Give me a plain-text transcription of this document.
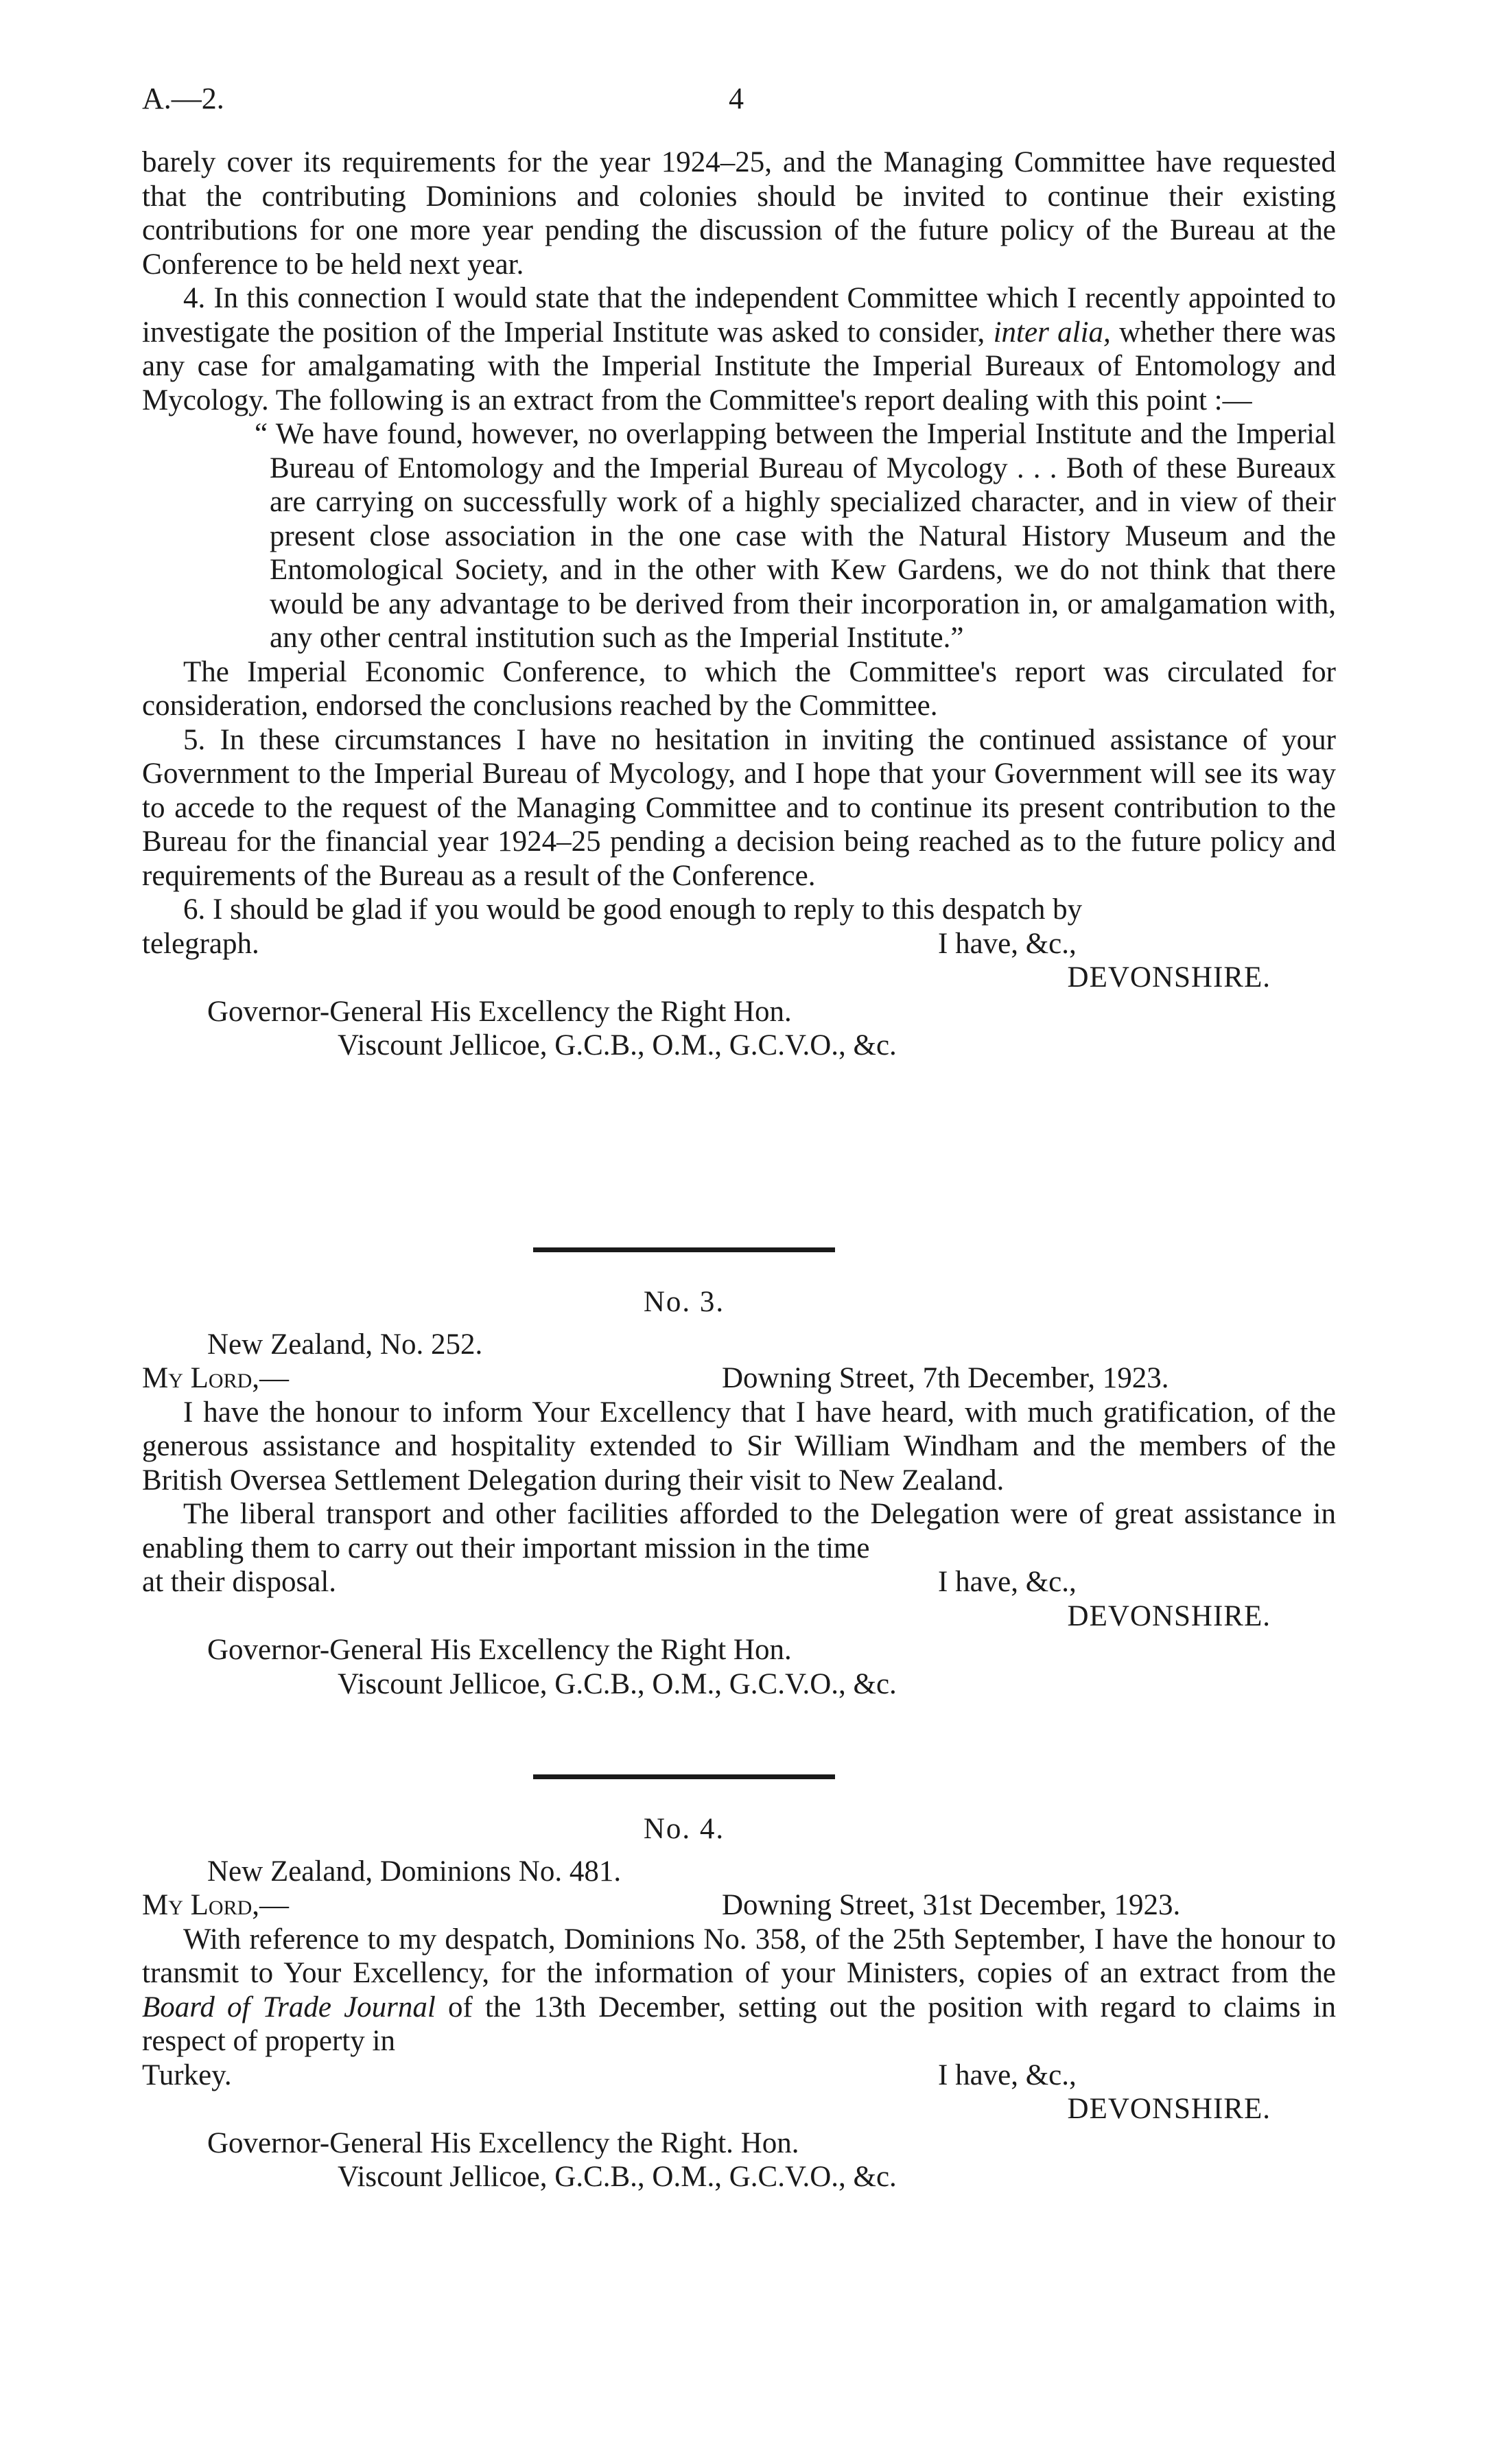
A.—2.	4

barely cover its requirements for the year 1924–25, and the Managing Committee have requested that the contributing Dominions and colonies should be invited to continue their existing contributions for one more year pending the discussion of the future policy of the Bureau at the Conference to be held next year.

4. In this connection I would state that the independent Committee which I recently appointed to investigate the position of the Imperial Institute was asked to consider, inter alia, whether there was any case for amalgamating with the Imperial Institute the Imperial Bureaux of Entomology and Mycology. The following is an extract from the Committee's report dealing with this point :—

“ We have found, however, no overlapping between the Imperial Institute and the Imperial Bureau of Entomology and the Imperial Bureau of Mycology . . . Both of these Bureaux are carrying on successfully work of a highly specialized character, and in view of their present close association in the one case with the Natural History Museum and the Entomological Society, and in the other with Kew Gardens, we do not think that there would be any advantage to be derived from their incorporation in, or amalgamation with, any other central institution such as the Imperial Institute.”

The Imperial Economic Conference, to which the Committee's report was circulated for consideration, endorsed the conclusions reached by the Committee.

5. In these circumstances I have no hesitation in inviting the continued assistance of your Government to the Imperial Bureau of Mycology, and I hope that your Government will see its way to accede to the request of the Managing Committee and to continue its present contribution to the Bureau for the financial year 1924–25 pending a decision being reached as to the future policy and requirements of the Bureau as a result of the Conference.

6. I should be glad if you would be good enough to reply to this despatch by

telegraph.	I have, &c.,
DEVONSHIRE.
Governor-General His Excellency the Right Hon.
Viscount Jellicoe, G.C.B., O.M., G.C.V.O., &c.
No. 3.
New Zealand, No. 252.
My Lord,—	Downing Street, 7th December, 1923.

I have the honour to inform Your Excellency that I have heard, with much gratification, of the generous assistance and hospitality extended to Sir William Windham and the members of the British Oversea Settlement Delegation during their visit to New Zealand.

The liberal transport and other facilities afforded to the Delegation were of great assistance in enabling them to carry out their important mission in the time

at their disposal.	I have, &c.,
DEVONSHIRE.
Governor-General His Excellency the Right Hon.
Viscount Jellicoe, G.C.B., O.M., G.C.V.O., &c.
No. 4.
New Zealand, Dominions No. 481.
My Lord,—	Downing Street, 31st December, 1923.

With reference to my despatch, Dominions No. 358, of the 25th September, I have the honour to transmit to Your Excellency, for the information of your Ministers, copies of an extract from the Board of Trade Journal of the 13th December, setting out the position with regard to claims in respect of property in

Turkey.	I have, &c.,
DEVONSHIRE.
Governor-General His Excellency the Right. Hon.
Viscount Jellicoe, G.C.B., O.M., G.C.V.O., &c.
